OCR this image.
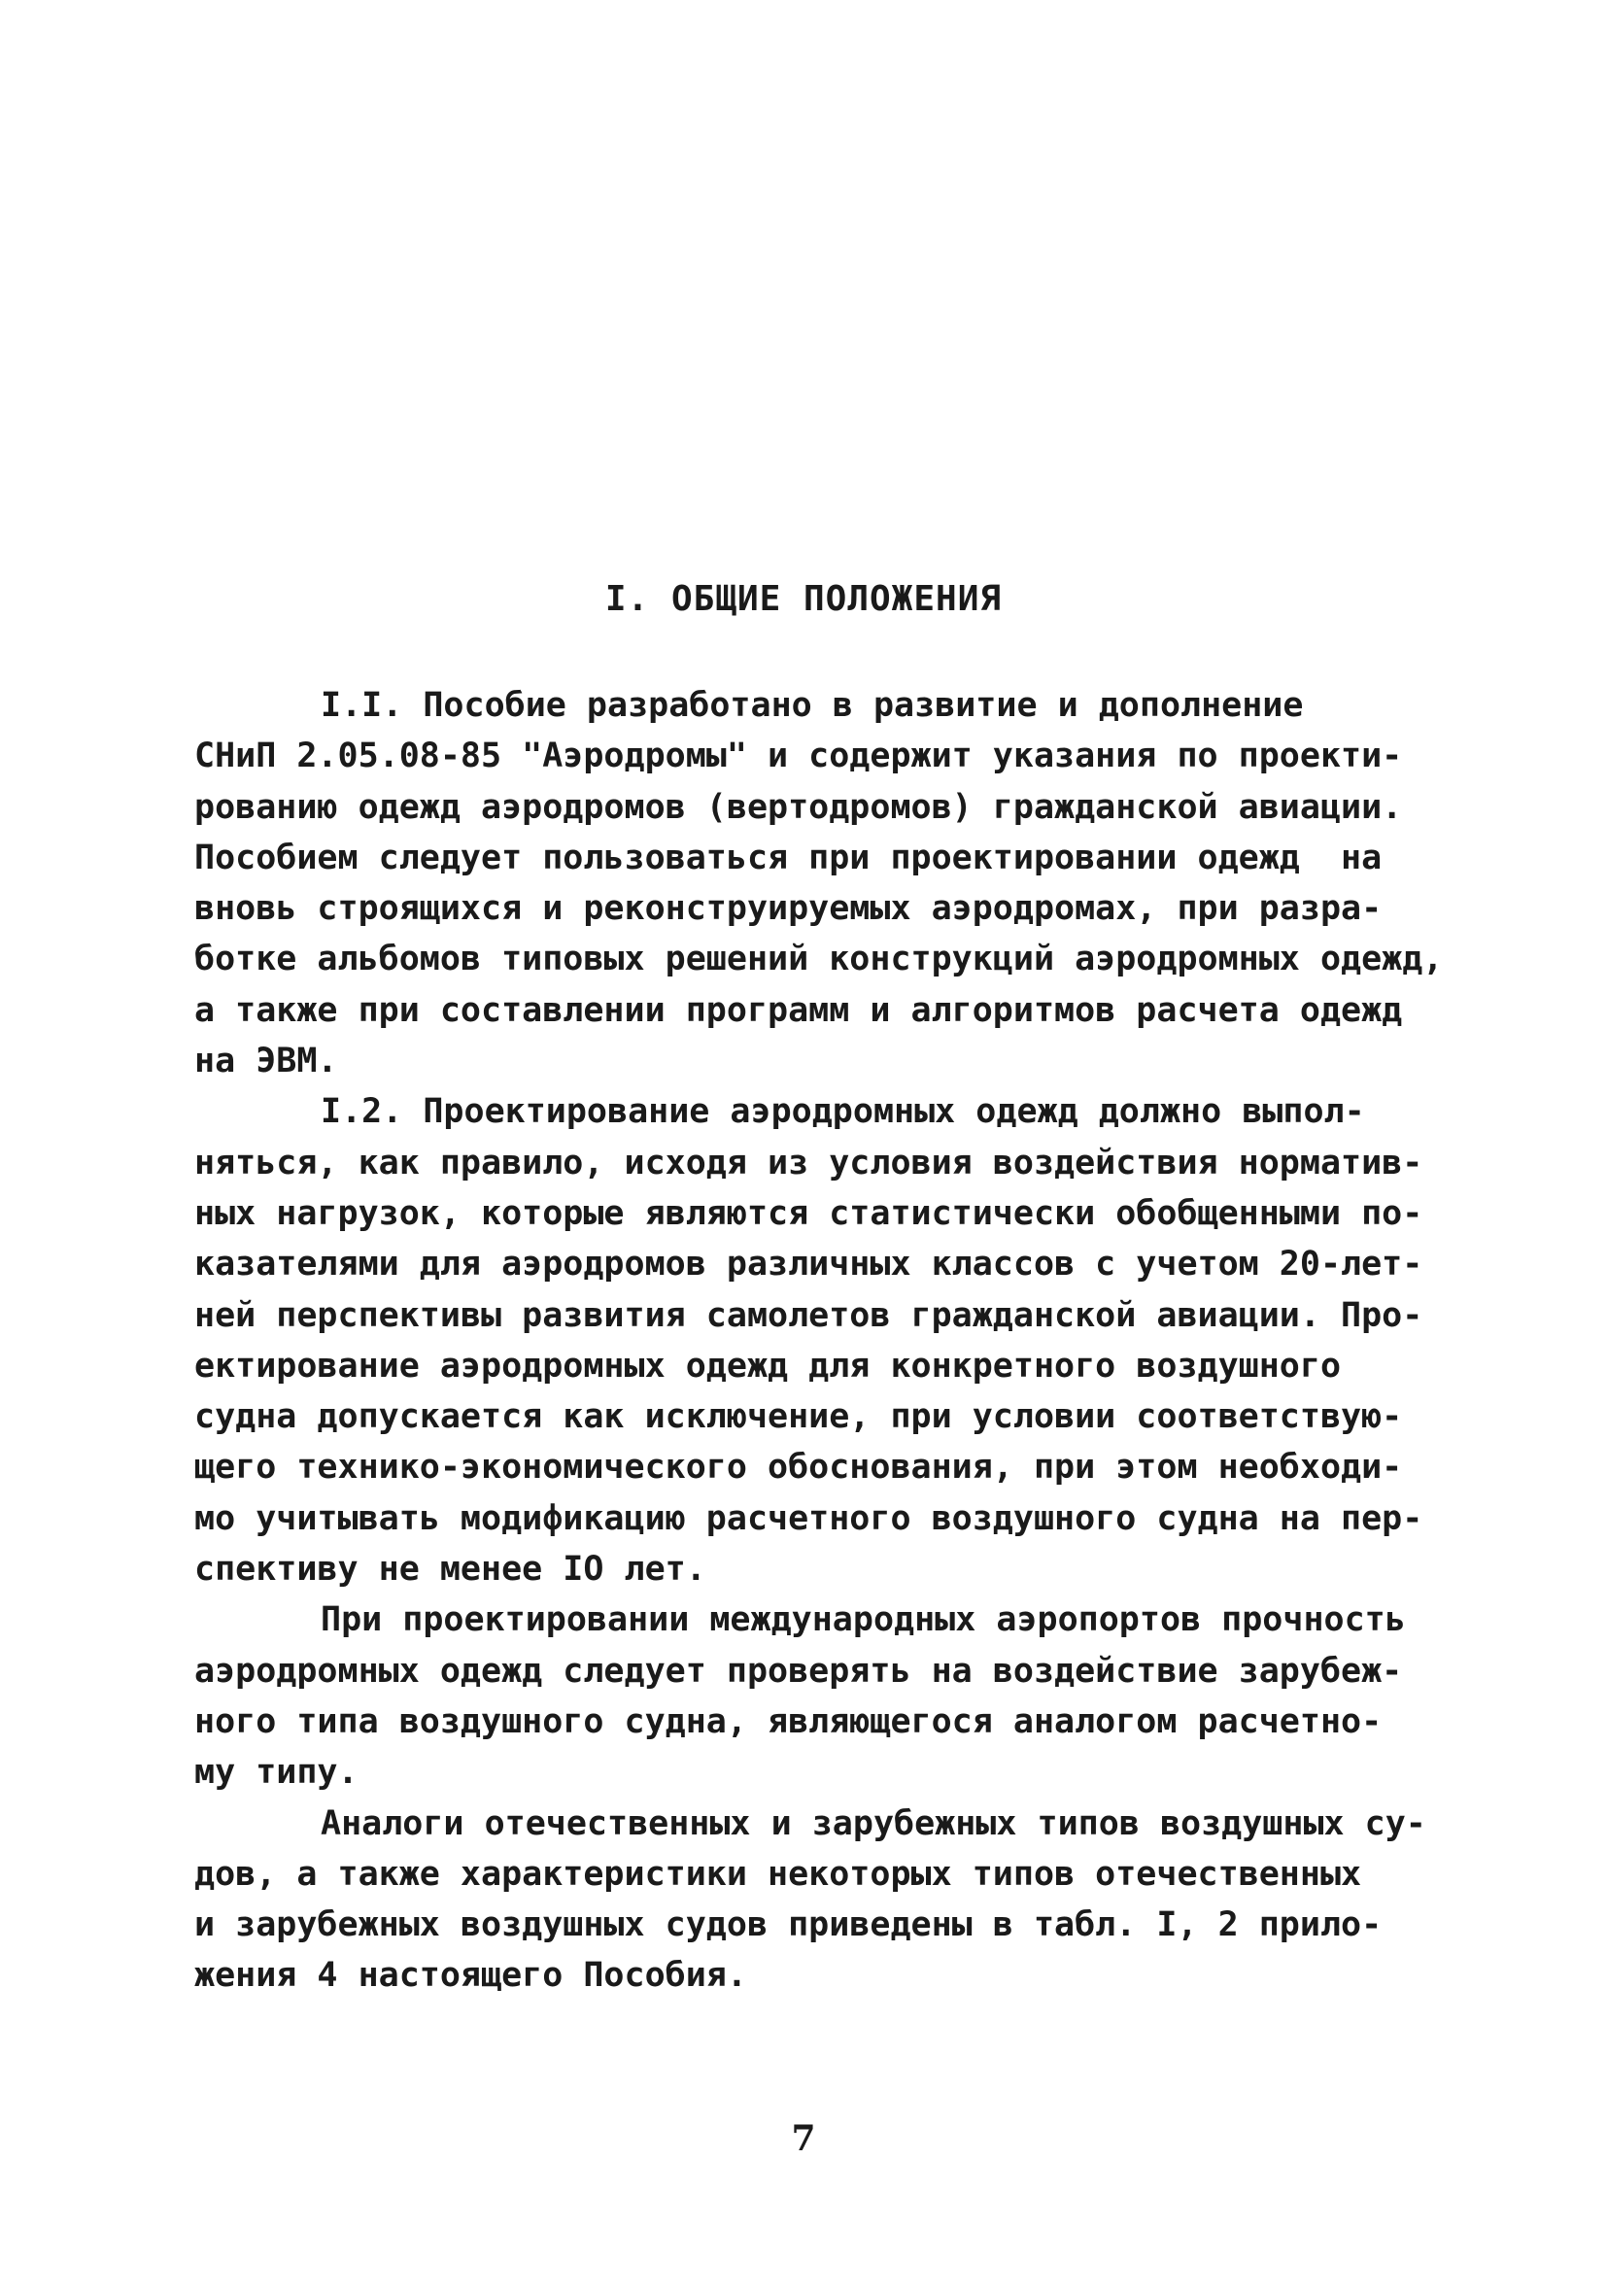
I. ОБЩИЕ ПОЛОЖЕНИЯ
I.I. Пособие разработано в развитие и дополнение
СНиП 2.05.08-85 "Аэродромы" и содержит указания по проекти-
рованию одежд аэродромов (вертодромов) гражданской авиации.
Пособием следует пользоваться при проектировании одежд  на
вновь строящихся и реконструируемых аэродромах, при разра-
ботке альбомов типовых решений конструкций аэродромных одежд,
а также при составлении программ и алгоритмов расчета одежд
на ЭВМ.
I.2. Проектирование аэродромных одежд должно выпол-
няться, как правило, исходя из условия воздействия норматив-
ных нагрузок, которые являются статистически обобщенными по-
казателями для аэродромов различных классов с учетом 20-лет-
ней перспективы развития самолетов гражданской авиации. Про-
ектирование аэродромных одежд для конкретного воздушного
судна допускается как исключение, при условии соответствую-
щего технико-экономического обоснования, при этом необходи-
мо учитывать модификацию расчетного воздушного судна на пер-
спективу не менее IO лет.
При проектировании международных аэропортов прочность
аэродромных одежд следует проверять на воздействие зарубеж-
ного типа воздушного судна, являющегося аналогом расчетно-
му типу.
Аналоги отечественных и зарубежных типов воздушных су-
дов, а также характеристики некоторых типов отечественных
и зарубежных воздушных судов приведены в табл. I, 2 прило-
жения 4 настоящего Пособия.
7
